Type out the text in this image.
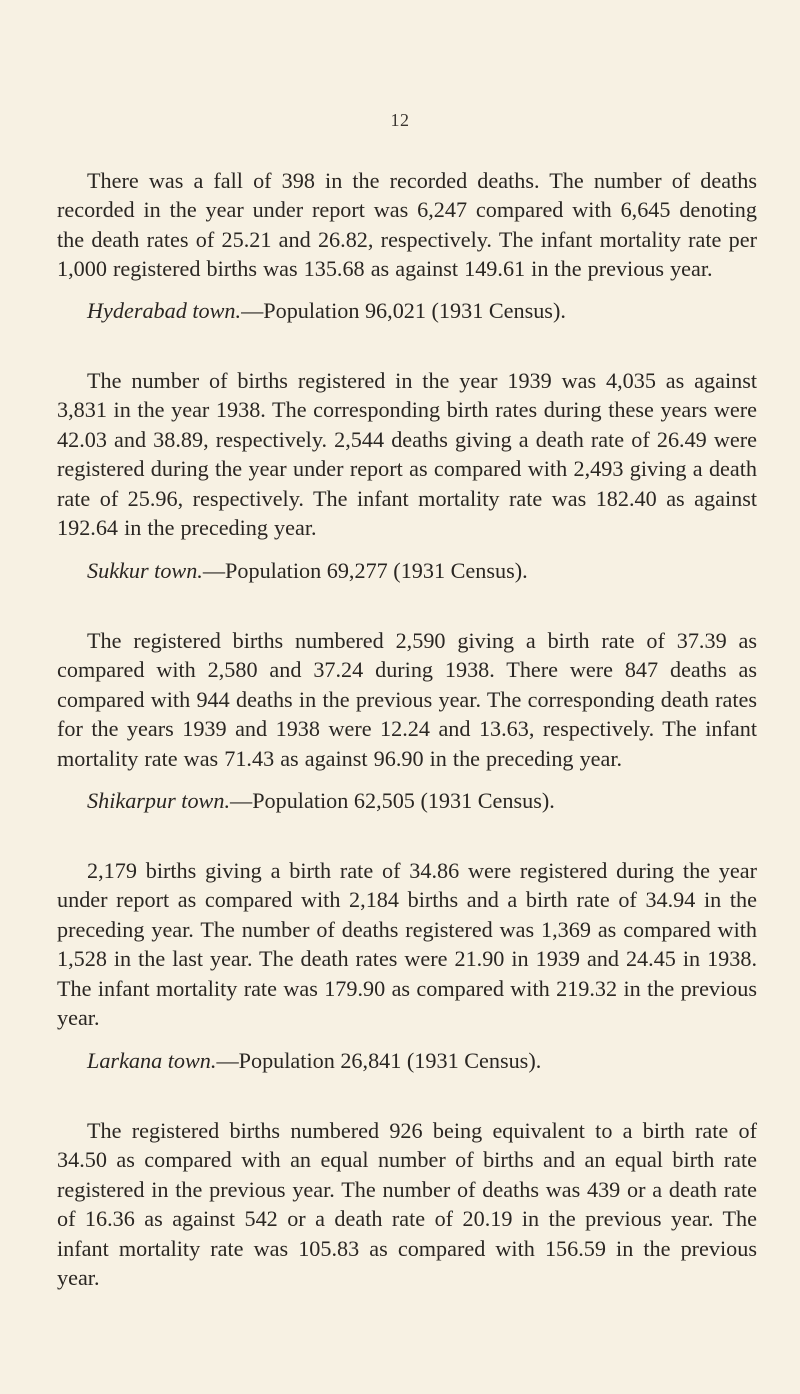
12

There was a fall of 398 in the recorded deaths. The number of deaths recorded in the year under report was 6,247 compared with 6,645 denoting the death rates of 25.21 and 26.82, respectively. The infant mortality rate per 1,000 registered births was 135.68 as against 149.61 in the previous year.

Hyderabad town.—Population 96,021 (1931 Census).

The number of births registered in the year 1939 was 4,035 as against 3,831 in the year 1938. The corresponding birth rates during these years were 42.03 and 38.89, respectively. 2,544 deaths giving a death rate of 26.49 were registered during the year under report as compared with 2,493 giving a death rate of 25.96, respectively. The infant mortality rate was 182.40 as against 192.64 in the preceding year.

Sukkur town.—Population 69,277 (1931 Census).

The registered births numbered 2,590 giving a birth rate of 37.39 as compared with 2,580 and 37.24 during 1938. There were 847 deaths as compared with 944 deaths in the previous year. The corresponding death rates for the years 1939 and 1938 were 12.24 and 13.63, respectively. The infant mortality rate was 71.43 as against 96.90 in the preceding year.

Shikarpur town.—Population 62,505 (1931 Census).

2,179 births giving a birth rate of 34.86 were registered during the year under report as compared with 2,184 births and a birth rate of 34.94 in the preceding year. The number of deaths registered was 1,369 as compared with 1,528 in the last year. The death rates were 21.90 in 1939 and 24.45 in 1938. The infant mortality rate was 179.90 as compared with 219.32 in the previous year.

Larkana town.—Population 26,841 (1931 Census).

The registered births numbered 926 being equivalent to a birth rate of 34.50 as compared with an equal number of births and an equal birth rate registered in the previous year. The number of deaths was 439 or a death rate of 16.36 as against 542 or a death rate of 20.19 in the previous year. The infant mortality rate was 105.83 as compared with 156.59 in the previous year.
